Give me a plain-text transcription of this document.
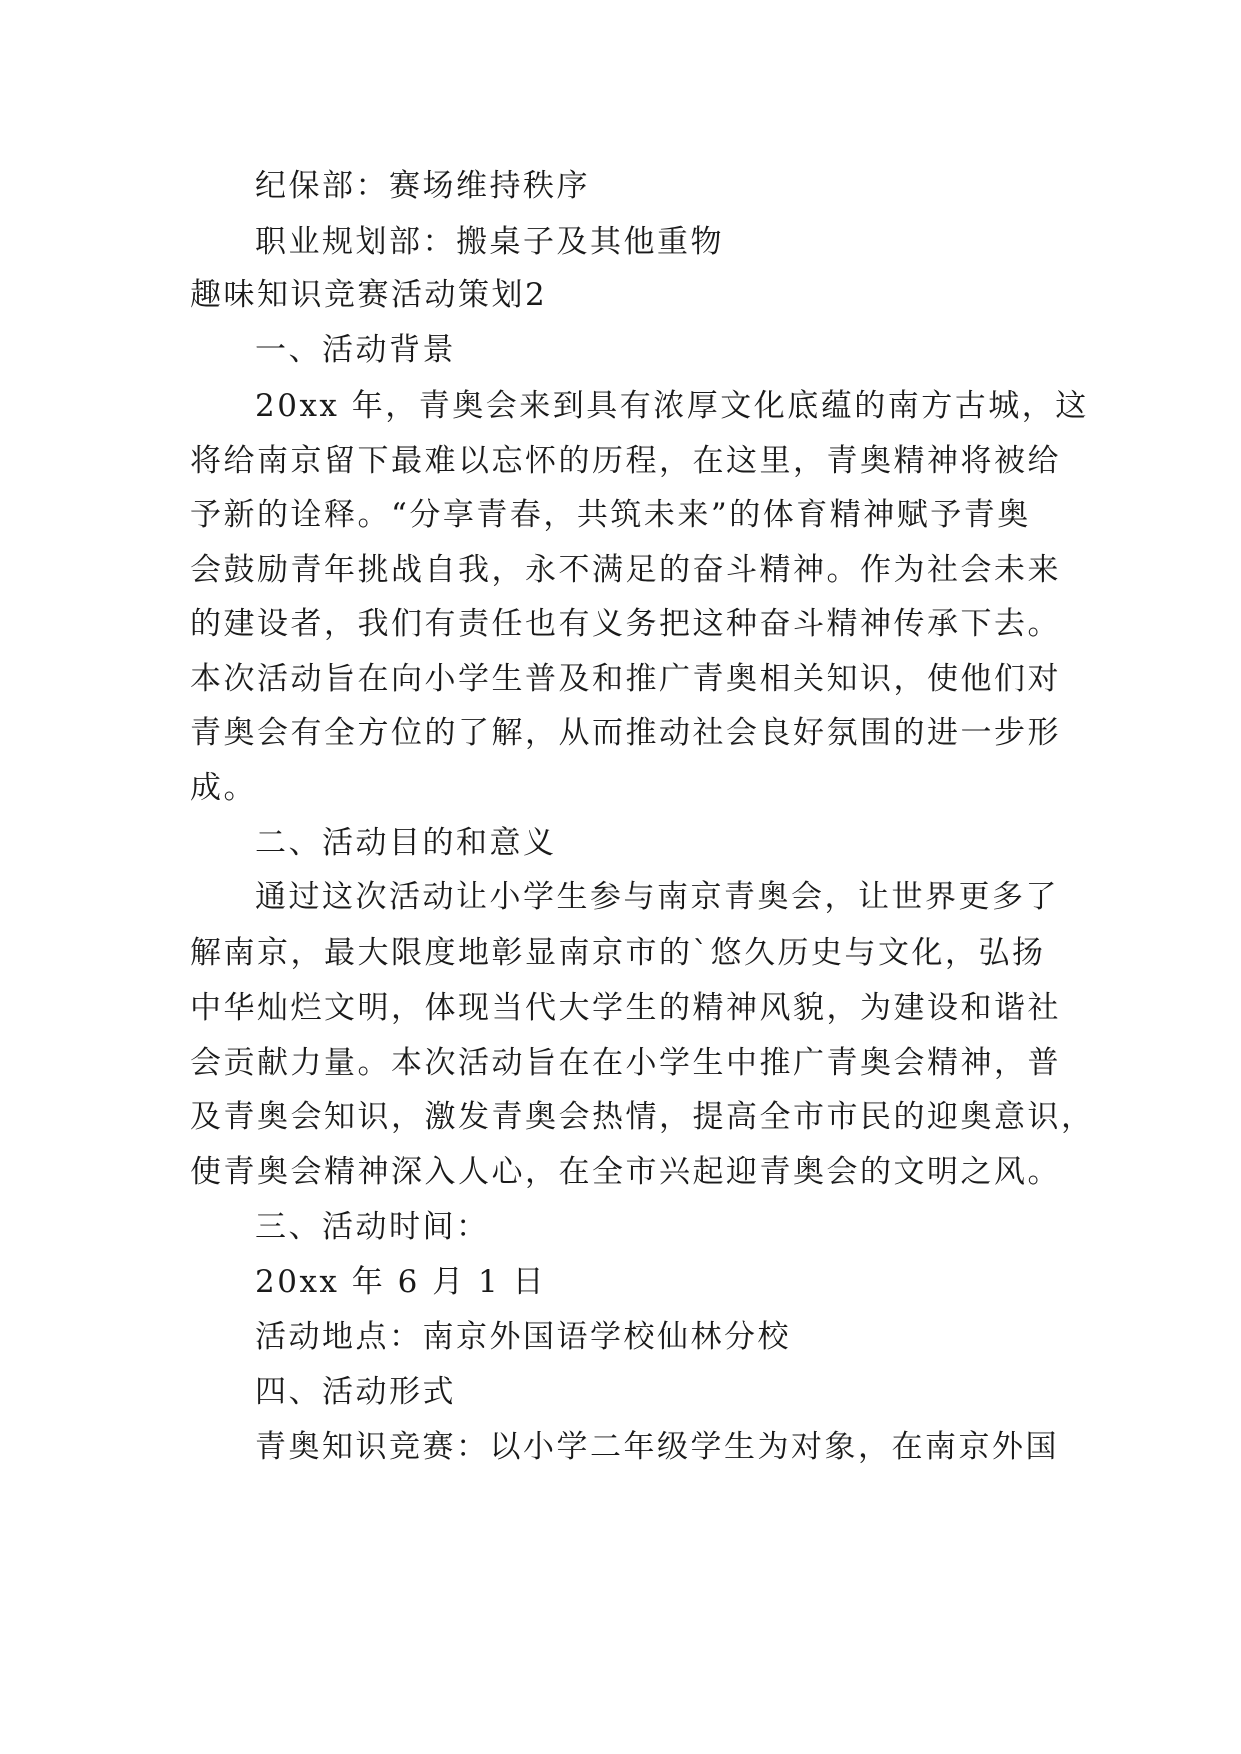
纪保部：赛场维持秩序
职业规划部：搬桌子及其他重物
趣味知识竞赛活动策划2
一、活动背景
20xx 年，青奥会来到具有浓厚文化底蕴的南方古城，这
将给南京留下最难以忘怀的历程，在这里，青奥精神将被给
予新的诠释。“分享青春，共筑未来”的体育精神赋予青奥
会鼓励青年挑战自我，永不满足的奋斗精神。作为社会未来
的建设者，我们有责任也有义务把这种奋斗精神传承下去。
本次活动旨在向小学生普及和推广青奥相关知识，使他们对
青奥会有全方位的了解，从而推动社会良好氛围的进一步形
成。
二、活动目的和意义
通过这次活动让小学生参与南京青奥会，让世界更多了
解南京，最大限度地彰显南京市的`悠久历史与文化，弘扬
中华灿烂文明，体现当代大学生的精神风貌，为建设和谐社
会贡献力量。本次活动旨在在小学生中推广青奥会精神，普
及青奥会知识，激发青奥会热情，提高全市市民的迎奥意识，
使青奥会精神深入人心，在全市兴起迎青奥会的文明之风。
三、活动时间：
20xx 年 6 月 1 日
活动地点：南京外国语学校仙林分校
四、活动形式
青奥知识竞赛：以小学二年级学生为对象，在南京外国
